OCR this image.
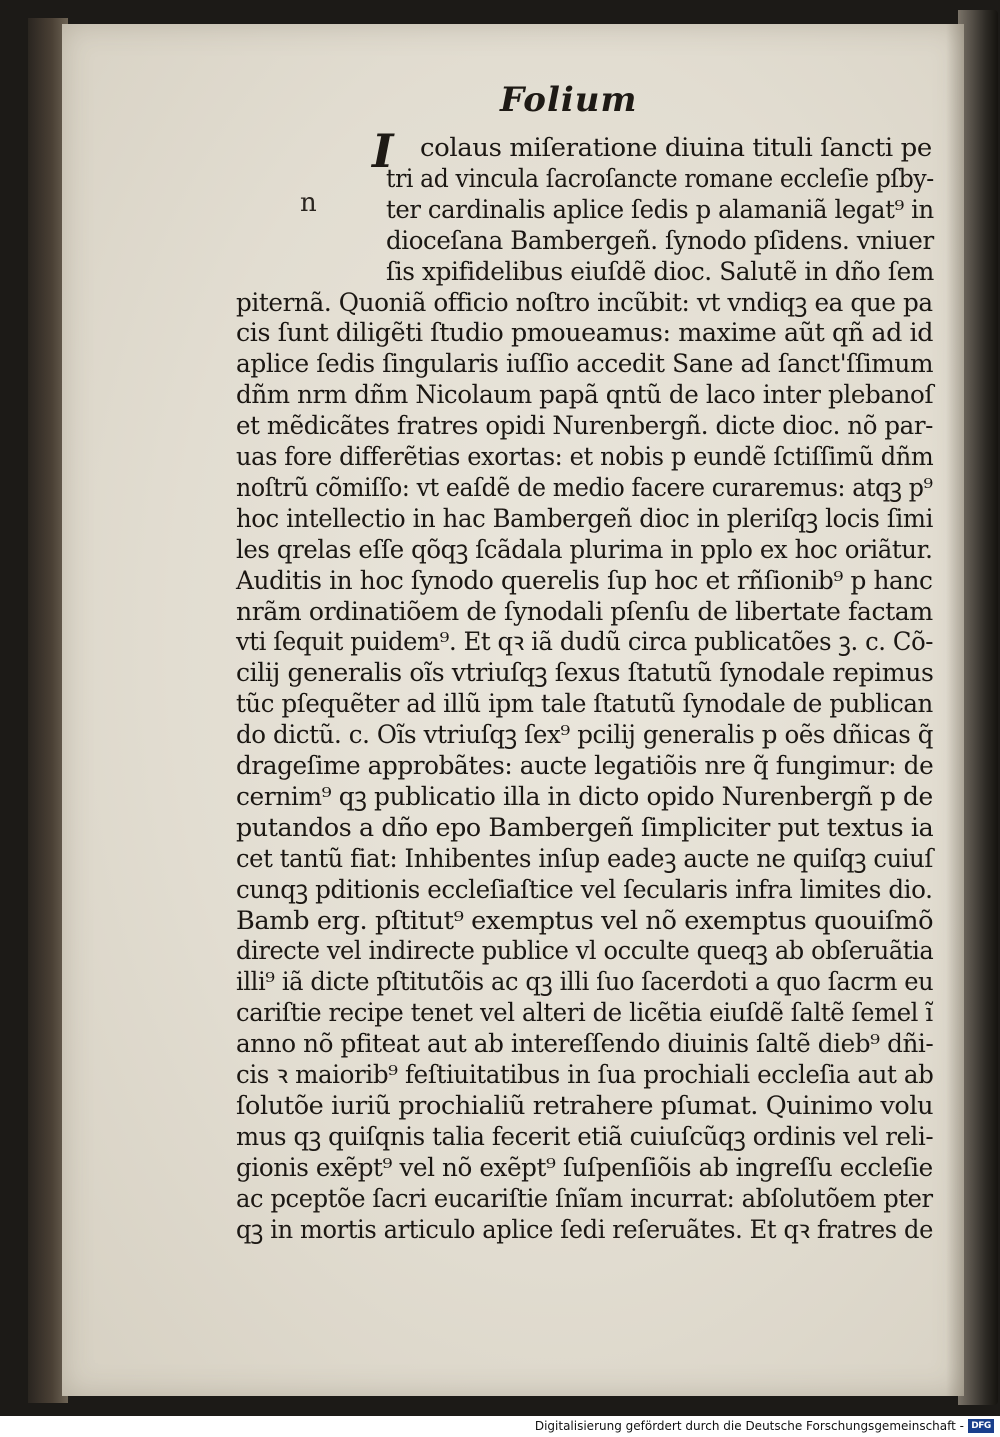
Folium
I
n
colaus miſeratione diuina tituli ſancti pe
tri ad vincula ſacroſancte romane eccleſie pſby-
ter cardinalis aplice ſedis p alamaniã legat⁹ in
dioceſana Bambergeñ. ſynodo pſidens. vniuer
ſis xpifidelibus eiuſdẽ dioc. Salutẽ in dño ſem
piternã. Quoniã officio noſtro incũbit: vt vndiqꝫ ea que pa
cis ſunt diligẽti ſtudio pmoueamus: maxime aũt qñ ad id
aplice ſedis ſingularis iuſſio accedit Sane ad ſanct'ſſimum
dñm nrm dñm Nicolaum papã qntũ de laco inter plebanoſ
et mẽdicãtes fratres opidi Nurenbergñ. dicte dioc. nõ par-
uas fore differẽtias exortas: et nobis p eundẽ ſctiſſimũ dñm
noſtrũ cõmiſſo: vt eaſdẽ de medio facere curaremus: atqꝫ p⁹
hoc intellectio in hac Bambergeñ dioc in pleriſqꝫ locis ſimi
les qrelas eſſe qõqꝫ ſcãdala plurima in pplo ex hoc oriãtur.
Auditis in hoc ſynodo querelis ſup hoc et rñſionib⁹ p hanc
nrãm ordinatiõem de ſynodali pſenſu de libertate factam
vti ſequit puidem⁹. Et qꝛ iã dudũ circa publicatões ꝫ. c. Cõ-
cilij generalis oĩs vtriuſqꝫ ſexus ſtatutũ ſynodale repimus
tũc pſequẽter ad illũ ipm tale ſtatutũ ſynodale de publican
do dictũ. c. Oĩs vtriuſqꝫ ſex⁹ pcilij generalis p oẽs dñicas q̃
drageſime approbãtes: aucte legatiõis nre q̃ fungimur: de
cernim⁹ qꝫ publicatio illa in dicto opido Nurenbergñ p de
putandos a dño epo Bambergeñ ſimpliciter put textus ia
cet tantũ fiat: Inhibentes inſup eadeꝫ aucte ne quiſqꝫ cuiuſ
cunqꝫ pditionis eccleſiaſtice vel ſecularis infra limites dio.
Bamb erg. pſtitut⁹ exemptus vel nõ exemptus quouiſmõ
directe vel indirecte publice vl occulte queqꝫ ab obſeruãtia
illi⁹ iã dicte pſtitutõis ac qꝫ illi ſuo ſacerdoti a quo ſacrm eu
cariſtie recipe tenet vel alteri de licẽtia eiuſdẽ ſaltẽ ſemel ĩ
anno nõ pfiteat aut ab intereſſendo diuinis ſaltẽ dieb⁹ dñi-
cis ꝛ maiorib⁹ feſtiuitatibus in ſua prochiali eccleſia aut ab
ſolutõe iuriũ prochialiũ retrahere pſumat. Quinimo volu
mus qꝫ quiſqnis talia fecerit etiã cuiuſcũqꝫ ordinis vel reli-
gionis exẽpt⁹ vel nõ exẽpt⁹ ſuſpenſiõis ab ingreſſu eccleſie
ac pceptõe ſacri eucariſtie ſnĩam incurrat: abſolutõem pter
qꝫ in mortis articulo aplice ſedi reſeruãtes. Et qꝛ fratres de
Digitalisierung gefördert durch die Deutsche Forschungsgemeinschaft - DFG
